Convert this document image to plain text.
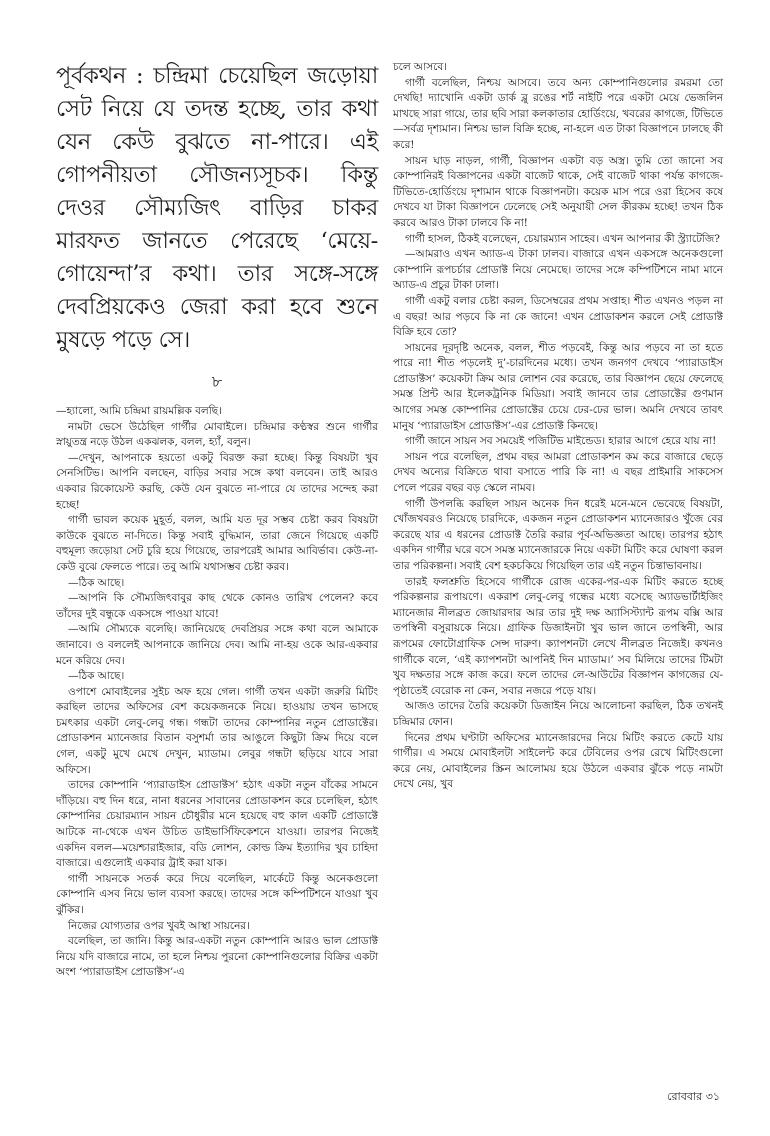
পূর্বকথন : চন্দ্রিমা চেয়েছিল জড়োয়া সেট নিয়ে যে তদন্ত হচ্ছে, তার কথা যেন কেউ বুঝতে না-পারে। এই গোপনীয়তা সৌজন্যসূচক। কিন্তু দেওর সৌম্যজিৎ বাড়ির চাকর মারফত জানতে পেরেছে ‘মেয়ে-গোয়েন্দা’র কথা। তার সঙ্গে-সঙ্গে দেবপ্রিয়কেও জেরা করা হবে শুনে মুষড়ে পড়ে সে।

৮

—হ্যালো, আমি চন্দ্রিমা রায়মল্লিক বলছি।

নামটা ভেসে উঠেছিল গার্গীর মোবাইলে। চন্দ্রিমার কণ্ঠস্বর শুনে গার্গীর স্নায়ুতন্ত্র নড়ে উঠল একঝলক, বলল, হ্যাঁ, বলুন।

—দেখুন, আপনাকে হয়তো একটু বিরক্ত করা হচ্ছে। কিন্তু বিষয়টা খুব সেনসিটিভ। আপনি বলছেন, বাড়ির সবার সঙ্গে কথা বলবেন। তাই আরও একবার রিকোয়েস্ট করছি, কেউ যেন বুঝতে না-পারে যে তাদের সন্দেহ করা হচ্ছে!

গার্গী ভাবল কয়েক মুহূর্ত, বলল, আমি যত দূর সম্ভব চেষ্টা করব বিষয়টা কাউকে বুঝতে না-দিতে। কিন্তু সবাই বুদ্ধিমান, তারা জেনে গিয়েছে একটি বহুমূল্য জড়োয়া সেট চুরি হয়ে গিয়েছে, তারপরেই আমার আবির্ভাব। কেউ-না-কেউ বুঝে ফেলতে পারে। তবু আমি যথাসম্ভব চেষ্টা করব।

—ঠিক আছে।

—আপনি কি সৌম্যজিৎবাবুর কাছ থেকে কোনও তারিখ পেলেন? কবে তাঁদের দুই বন্ধুকে একসঙ্গে পাওয়া যাবে!

—আমি সৌম্যকে বলেছি। জানিয়েছে দেবপ্রিয়র সঙ্গে কথা বলে আমাকে জানাবে। ও বললেই আপনাকে জানিয়ে দেব। আমি না-হয় ওকে আর-একবার মনে করিয়ে দেব।

—ঠিক আছে।

ওপাশে মোবাইলের সুইচ অফ হয়ে গেল। গার্গী তখন একটা জরুরি মিটিং করছিল তাদের অফিসের বেশ কয়েকজনকে নিয়ে। হাওয়ায় তখন ভাসছে চমৎকার একটা লেবু-লেবু গন্ধ। গন্ধটা তাদের কোম্পানির নতুন প্রোডাক্টের। প্রোডাকশন ম্যানেজার বিতান বসুশর্মা তার আঙুলে কিছুটা ক্রিম দিয়ে বলে গেল, একটু মুখে মেখে দেখুন, ম্যাডাম। লেবুর গন্ধটা ছড়িয়ে যাবে সারা অফিসে।

তাদের কোম্পানি ‘প্যারাডাইস প্রোডাক্টস’ হঠাৎ একটা নতুন বাঁকের সামনে দাঁড়িয়ে। বহু দিন ধরে, নানা ধরনের সাবানের প্রোডাকশন করে চলেছিল, হঠাৎ কোম্পানির চেয়ারম্যান সায়ন চৌধুরীর মনে হয়েছে বহু কাল একটি প্রোডাক্টে আটকে না-থেকে এখন উচিত ডাইভার্সিফিকেশনে যাওয়া। তারপর নিজেই একদিন বলল—ময়েশ্চারাইজার, বডি লোশন, কোল্ড ক্রিম ইত্যাদির খুব চাহিদা বাজারে। এগুলোই একবার ট্রাই করা যাক।

গার্গী সায়নকে সতর্ক করে দিয়ে বলেছিল, মার্কেটে কিন্তু অনেকগুলো কোম্পানি এসব নিয়ে ভাল ব্যবসা করছে। তাদের সঙ্গে কম্পিটিশনে যাওয়া খুব ঝুঁকির।

নিজের যোগ্যতার ওপর খুবই আস্থা সায়নের।

বলেছিল, তা জানি। কিন্তু আর-একটা নতুন কোম্পানি আরও ভাল প্রোডাক্ট নিয়ে যদি বাজারে নামে, তা হলে নিশ্চয় পুরনো কোম্পানিগুলোর বিক্রির একটা অংশ ‘প্যারাডাইস প্রোডাক্টস’-এ

চলে আসবে।

গার্গী বলেছিল, নিশ্চয় আসবে। তবে অন্য কোম্পানিগুলোর রমরমা তো দেখছি! দ্যাখোনি একটা ডার্ক ব্লু রঙের শর্ট নাইটি পরে একটা মেয়ে ভেজলিন মাখছে সারা গায়ে, তার ছবি সারা কলকাতার হোর্ডিংয়ে, খবরের কাগজে, টিভিতে—সর্বত্র দৃশ্যমান। নিশ্চয় ভাল বিক্রি হচ্ছে, না-হলে এত টাকা বিজ্ঞাপনে ঢালছে কী করে!

সায়ন ঘাড় নাড়ল, গার্গী, বিজ্ঞাপন একটা বড় অস্ত্র। তুমি তো জানো সব কোম্পানিরই বিজ্ঞাপনের একটা বাজেট থাকে, সেই বাজেট থাকা পর্যন্ত কাগজে-টিভিতে-হোর্ডিংয়ে দৃশ্যমান থাকে বিজ্ঞাপনটা। কয়েক মাস পরে ওরা হিসেব কষে দেখবে যা টাকা বিজ্ঞাপনে ঢেলেছে সেই অনুযায়ী সেল কীরকম হচ্ছে! তখন ঠিক করবে আরও টাকা ঢালবে কি না!

গার্গী হাসল, ঠিকই বলেছেন, চেয়ারম্যান সাহেব। এখন আপনার কী স্ট্র্যাটেজি?

—আমরাও এখন অ্যাড-এ টাকা ঢালব। বাজারে এখন একসঙ্গে অনেকগুলো কোম্পানি রূপচর্চার প্রোডাক্ট নিয়ে নেমেছে। তাদের সঙ্গে কম্পিটিশনে নামা মানে অ্যাড-এ প্রচুর টাকা ঢালা।

গার্গী একটু বলার চেষ্টা করল, ডিসেম্বরের প্রথম সপ্তাহ। শীত এখনও পড়ল না এ বছর! আর পড়বে কি না কে জানে! এখন প্রোডাকশন করলে সেই প্রোডাক্ট বিক্রি হবে তো?

সায়নের দূরদৃষ্টি অনেক, বলল, শীত পড়বেই, কিন্তু আর পড়বে না তা হতে পারে না! শীত পড়লেই দু’-চারদিনের মধ্যে। তখন জনগণ দেখবে ‘প্যারাডাইস প্রোডাক্টস’ কয়েকটা ক্রিম আর লোশন বের করেছে, তার বিজ্ঞাপন ছেয়ে ফেলেছে সমস্ত প্রিন্ট আর ইলেকট্রনিক মিডিয়া। সবাই জানবে তার প্রোডাক্টের গুণমান আগের সমস্ত কোম্পানির প্রোডাক্টের চেয়ে ঢের-ঢের ভাল। অমনি দেখবে তাবৎ মানুষ ‘প্যারাডাইস প্রোডাক্টস’-এর প্রোডাক্ট কিনছে।

গার্গী জানে সায়ন সব সময়েই পজিটিভ মাইন্ডেড। হারার আগে হেরে যায় না!

সায়ন পরে বলেছিল, প্রথম বছর আমরা প্রোডাকশন কম করে বাজারে ছেড়ে দেখব অন্যের বিক্রিতে থাবা বসাতে পারি কি না! এ বছর প্রাইমারি সাকসেস পেলে পরের বছর বড় স্কেলে নামব।

গার্গী উপলব্ধি করছিল সায়ন অনেক দিন ধরেই মনে-মনে ভেবেছে বিষয়টা, খোঁজখবরও নিয়েছে চারদিকে, একজন নতুন প্রোডাকশন ম্যানেজারও খুঁজে বের করেছে যার এ ধরনের প্রোডাক্ট তৈরি করার পূর্ব-অভিজ্ঞতা আছে। তারপর হঠাৎ একদিন গার্গীর ঘরে বসে সমস্ত ম্যানেজারকে নিয়ে একটা মিটিং করে ঘোষণা করল তার পরিকল্পনা। সবাই বেশ হকচকিয়ে গিয়েছিল তার এই নতুন চিন্তাভাবনায়।

তারই ফলশ্রুতি হিসেবে গার্গীকে রোজ একের-পর-এক মিটিং করতে হচ্ছে পরিকল্পনার রূপায়ণে। একরাশ লেবু-লেবু গন্ধের মধ্যে বসেছে অ্যাডভার্টাইজিং ম্যানেজার নীলব্রত জোয়ারদার আর তার দুই দক্ষ অ্যাসিস্ট্যান্ট রূপম বক্সি আর তপস্বিনী বসুরায়কে নিয়ে। গ্রাফিক ডিজাইনটা খুব ভাল জানে তপস্বিনী, আর রূপমের ফোটোগ্রাফিক সেন্স দারুণ। ক্যাপশনটা লেখে নীলব্রত নিজেই। কখনও গার্গীকে বলে, ‘এই ক্যাপশনটা আপনিই দিন ম্যাডাম।’ সব মিলিয়ে তাদের টিমটা খুব দক্ষতার সঙ্গে কাজ করে। ফলে তাদের লে-আউটের বিজ্ঞাপন কাগজের যে-পৃষ্ঠাতেই বেরোক না কেন, সবার নজরে পড়ে যায়।

আজও তাদের তৈরি কয়েকটা ডিজাইন নিয়ে আলোচনা করছিল, ঠিক তখনই চন্দ্রিমার ফোন।

দিনের প্রথম ঘণ্টাটা অফিসের ম্যানেজারদের নিয়ে মিটিং করতে কেটে যায় গার্গীর। এ সময়ে মোবাইলটা সাইলেন্ট করে টেবিলের ওপর রেখে মিটিংগুলো করে নেয়, মোবাইলের স্ক্রিন আলোময় হয়ে উঠলে একবার ঝুঁকে পড়ে নামটা দেখে নেয়, খুব

রোববার ৩১
